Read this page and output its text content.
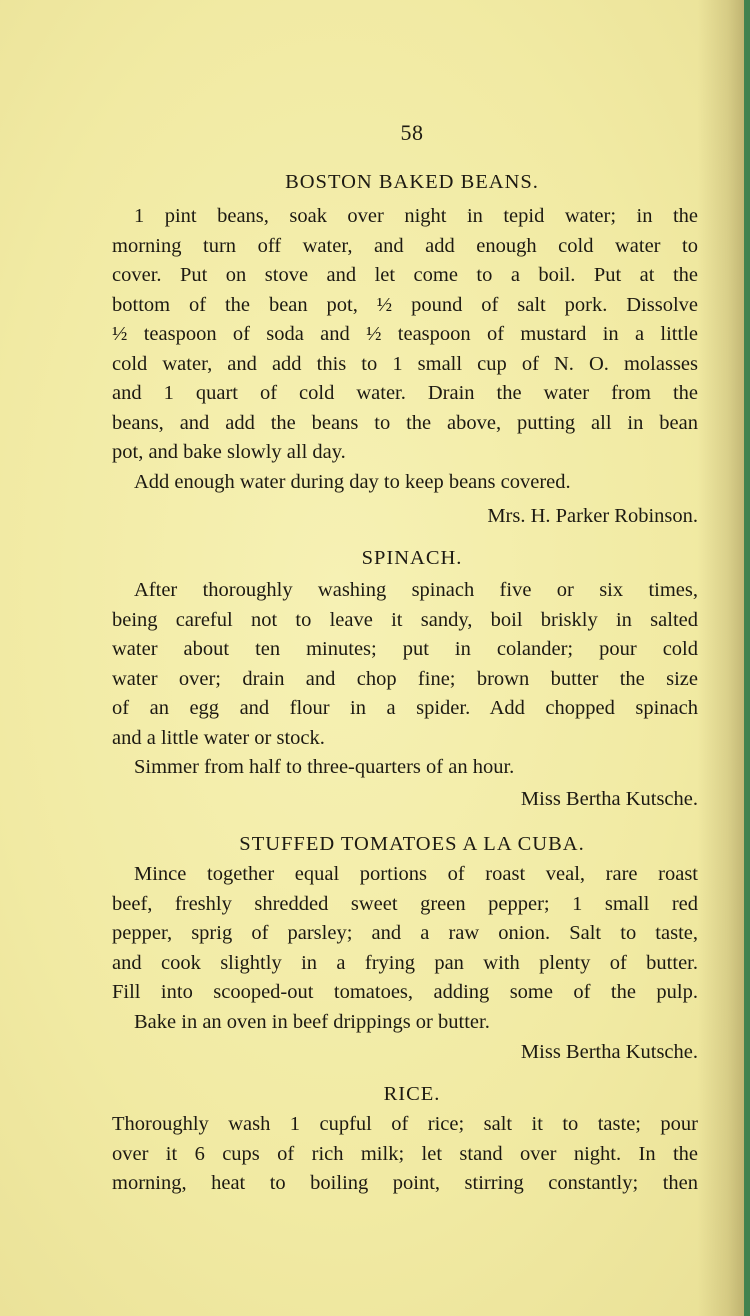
58
BOSTON BAKED BEANS.
1 pint beans, soak over night in tepid water; in the
morning turn off water, and add enough cold water to
cover. Put on stove and let come to a boil. Put at the
bottom of the bean pot, ½ pound of salt pork. Dissolve
½ teaspoon of soda and ½ teaspoon of mustard in a little
cold water, and add this to 1 small cup of N. O. molasses
and 1 quart of cold water. Drain the water from the
beans, and add the beans to the above, putting all in bean
pot, and bake slowly all day.
Add enough water during day to keep beans covered.
Mrs. H. Parker Robinson.
SPINACH.
After thoroughly washing spinach five or six times,
being careful not to leave it sandy, boil briskly in salted
water about ten minutes; put in colander; pour cold
water over; drain and chop fine; brown butter the size
of an egg and flour in a spider. Add chopped spinach
and a little water or stock.
Simmer from half to three-quarters of an hour.
Miss Bertha Kutsche.
STUFFED TOMATOES A LA CUBA.
Mince together equal portions of roast veal, rare roast
beef, freshly shredded sweet green pepper; 1 small red
pepper, sprig of parsley; and a raw onion. Salt to taste,
and cook slightly in a frying pan with plenty of butter.
Fill into scooped-out tomatoes, adding some of the pulp.
Bake in an oven in beef drippings or butter.
Miss Bertha Kutsche.
RICE.
Thoroughly wash 1 cupful of rice; salt it to taste; pour
over it 6 cups of rich milk; let stand over night. In the
morning, heat to boiling point, stirring constantly; then
